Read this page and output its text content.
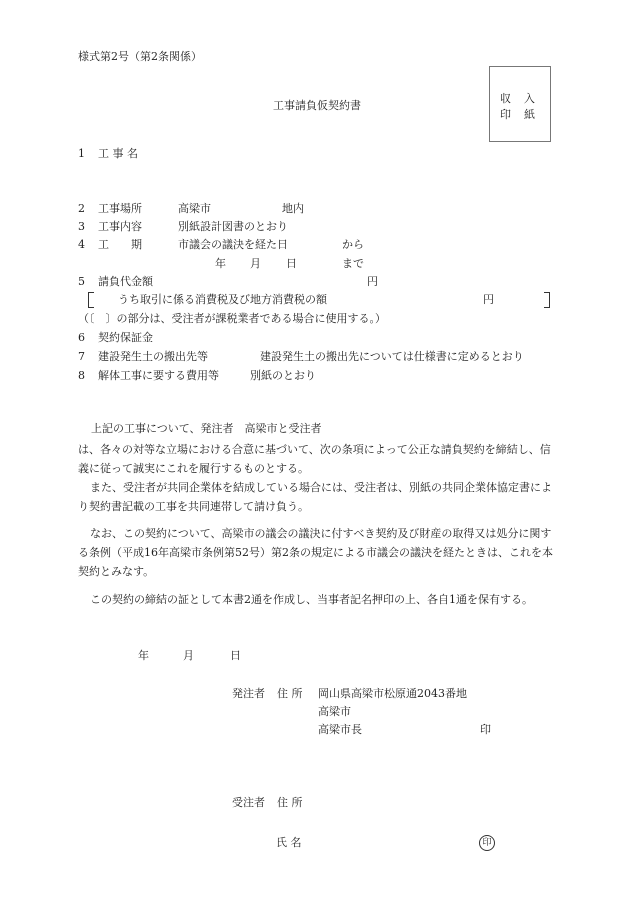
様式第2号（第2条関係）
工事請負仮契約書
収　入
印　紙
1 工 事 名
2 工事場所	高梁市	地内
3 工事内容	別紙設計図書のとおり
4 工　　期	市議会の議決を経た日	から
年 月 日	まで
5 請負代金額	円
うち取引に係る消費税及び地方消費税の額	円
（〔　〕の部分は、受注者が課税業者である場合に使用する。）
6 契約保証金
7 建設発生土の搬出先等	建設発生土の搬出先については仕様書に定めるとおり
8 解体工事に要する費用等	別紙のとおり
上記の工事について、発注者　高梁市と受注者
は、各々の対等な立場における合意に基づいて、次の条項によって公正な請負契約を締結し、信義に従って誠実にこれを履行するものとする。
また、受注者が共同企業体を結成している場合には、受注者は、別紙の共同企業体協定書により契約書記載の工事を共同連帯して請け負う。
なお、この契約について、高梁市の議会の議決に付すべき契約及び財産の取得又は処分に関する条例（平成16年高梁市条例第52号）第2条の規定による市議会の議決を経たときは、これを本契約とみなす。
この契約の締結の証として本書2通を作成し、当事者記名押印の上、各自1通を保有する。
年	月	日
発注者 住 所 岡山県高梁市松原通2043番地
高梁市
高梁市長	印
受注者 住 所
氏 名	印
